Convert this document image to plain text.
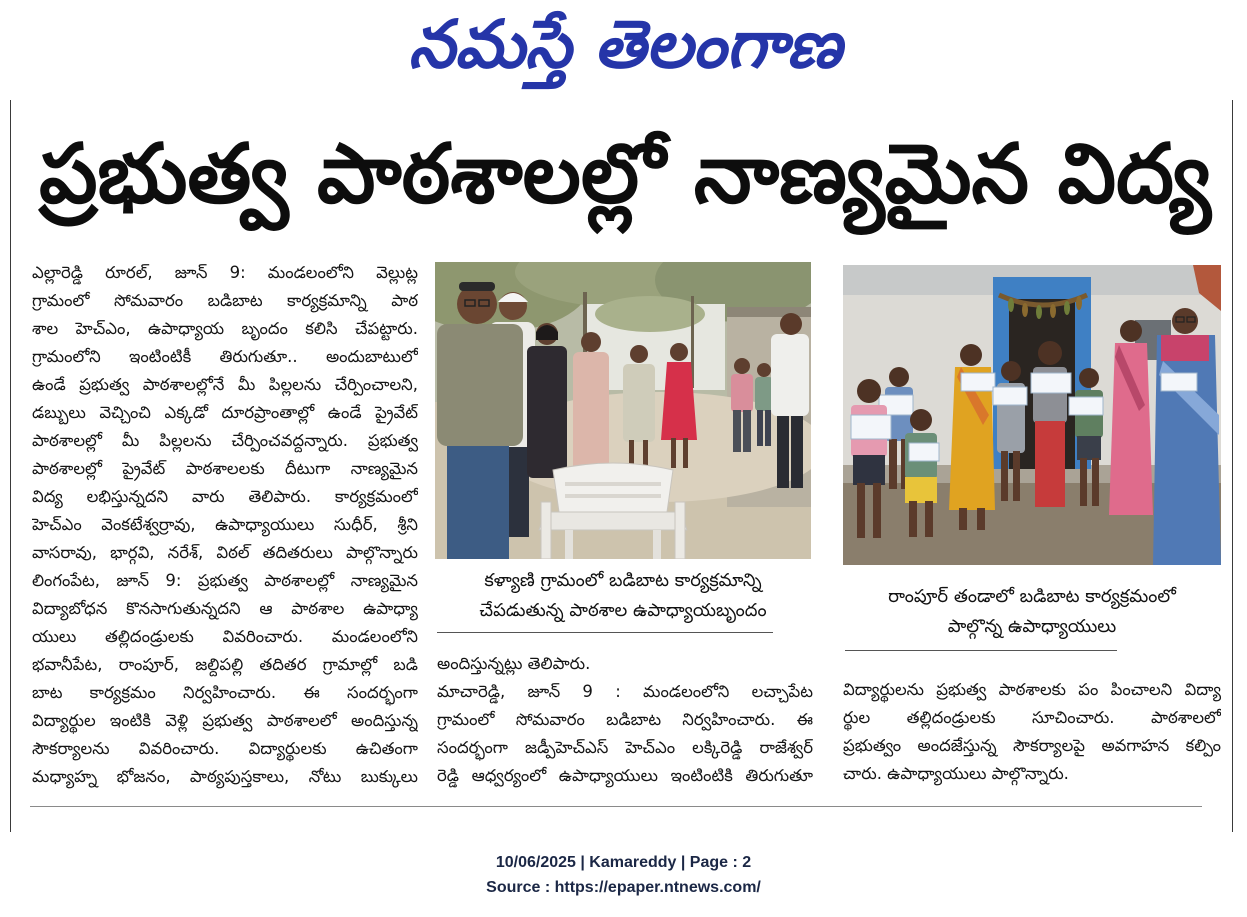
నమస్తే తెలంగాణ
ప్రభుత్వ పాఠశాలల్లో నాణ్యమైన విద్య
ఎల్లారెడ్డి రూరల్, జూన్ 9: మండలంలోని వెల్లుట్ల
గ్రామంలో సోమవారం బడిబాట కార్యక్రమాన్ని పాఠ
శాల హెచ్ఎం, ఉపాధ్యాయ బృందం కలిసి చేపట్టారు.
గ్రామంలోని ఇంటింటికీ తిరుగుతూ.. అందుబాటులో
ఉండే ప్రభుత్వ పాఠశాలల్లోనే మీ పిల్లలను చేర్పించాలని,
డబ్బులు వెచ్చించి ఎక్కడో దూరప్రాంతాల్లో ఉండే ప్రైవేట్
పాఠశాలల్లో మీ పిల్లలను చేర్పించవద్దన్నారు. ప్రభుత్వ
పాఠశాలల్లో ప్రైవేట్ పాఠశాలలకు దీటుగా నాణ్యమైన
విద్య లభిస్తున్నదని వారు తెలిపారు. కార్యక్రమంలో
హెచ్ఎం వెంకటేశ్వర్రావు, ఉపాధ్యాయులు సుధీర్, శ్రీని
వాసరావు, భార్గవి, నరేశ్, విఠల్ తదితరులు పాల్గొన్నారు
లింగంపేట, జూన్ 9: ప్రభుత్వ పాఠశాలల్లో నాణ్యమైన
విద్యాబోధన కొనసాగుతున్నదని ఆ పాఠశాల ఉపాధ్యా
యులు తల్లిదండ్రులకు వివరించారు. మండలంలోని
భవానీపేట, రాంపూర్, జల్దిపల్లి తదితర గ్రామాల్లో బడి
బాట కార్యక్రమం నిర్వహించారు. ఈ సందర్భంగా
విద్యార్థుల ఇంటికి వెళ్లి ప్రభుత్వ పాఠశాలలో అందిస్తున్న
సౌకర్యాలను వివరించారు. విద్యార్థులకు ఉచితంగా
మధ్యాహ్న భోజనం, పాఠ్యపుస్తకాలు, నోటు బుక్కులు
కళ్యాణి గ్రామంలో బడిబాట కార్యక్రమాన్ని
చేపడుతున్న పాఠశాల ఉపాధ్యాయబృందం
అందిస్తున్నట్లు తెలిపారు.
మాచారెడ్డి, జూన్ 9 : మండలంలోని లచ్చాపేట
గ్రామంలో సోమవారం బడిబాట నిర్వహించారు. ఈ
సందర్భంగా జడ్పీహెచ్ఎస్ హెచ్ఎం లక్కిరెడ్డి రాజేశ్వర్
రెడ్డి ఆధ్వర్యంలో ఉపాధ్యాయులు ఇంటింటికి తిరుగుతూ
రాంపూర్ తండాలో బడిబాట కార్యక్రమంలో
పాల్గొన్న ఉపాధ్యాయులు
విద్యార్థులను ప్రభుత్వ పాఠశాలకు పం పించాలని విద్యా
ర్థుల తల్లిదండ్రులకు సూచించారు. పాఠశాలలో
ప్రభుత్వం అందజేస్తున్న సౌకర్యాలపై అవగాహన కల్పిం
చారు. ఉపాధ్యాయులు పాల్గొన్నారు.
10/06/2025 | Kamareddy | Page : 2
Source : https://epaper.ntnews.com/
